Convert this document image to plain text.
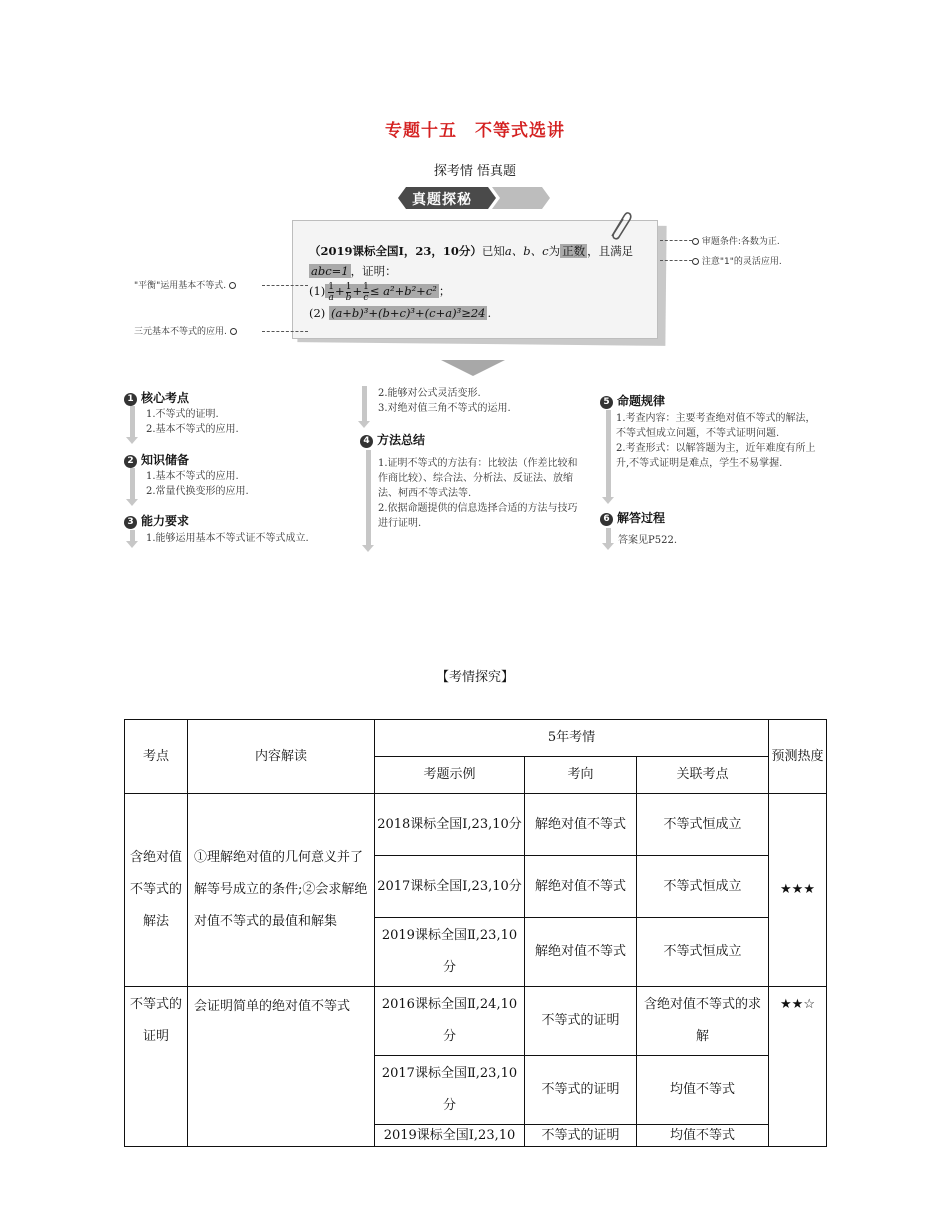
专题十五　不等式选讲
探考情 悟真题
真题探秘
（2019课标全国Ⅰ，23，10分）已知a、b、c为 正数 ，且满足
abc=1 ，证明：
$(1) \frac{1}{a}+ \frac{1}{b}+ \frac{1}{c}\le a^2+b^2+c^2$ ；
(2) (a+b)³+(b+c)³+(c+a)³≥24 .
审题条件:各数为正.
注意"1"的灵活应用.
"平衡"运用基本不等式.
三元基本不等式的应用.
1 核心考点
1.不等式的证明.
2.基本不等式的应用.
2 知识储备
1.基本不等式的应用.
2.常量代换变形的应用.
3 能力要求
1.能够运用基本不等式证不等式成立.
2.能够对公式灵活变形.
3.对绝对值三角不等式的运用.
4 方法总结
1.证明不等式的方法有：比较法（作差比较和作商比较）、综合法、分析法、反证法、放缩法、柯西不等式法等.
2.依据命题提供的信息选择合适的方法与技巧进行证明.
5 命题规律
1.考查内容：主要考查绝对值不等式的解法，不等式恒成立问题，不等式证明问题.
2.考查形式：以解答题为主，近年难度有所上升,不等式证明是难点，学生不易掌握.
6 解答过程
答案见P522.
【考情探究】
考点	内容解读	5年考情			预测热度
		考题示例	考向	关联考点	
含绝对值不等式的解法	①理解绝对值的几何意义并了解等号成立的条件;②会求解绝对值不等式的最值和解集	2018课标全国Ⅰ,23,10分	解绝对值不等式	不等式恒成立	★★★
		2017课标全国Ⅰ,23,10分	解绝对值不等式	不等式恒成立	
		2019课标全国Ⅱ,23,10分	解绝对值不等式	不等式恒成立	
不等式的证明	会证明简单的绝对值不等式	2016课标全国Ⅱ,24,10分	不等式的证明	含绝对值不等式的求解	★★☆
		2017课标全国Ⅱ,23,10分	不等式的证明	均值不等式	
		2019课标全国Ⅰ,23,10	不等式的证明	均值不等式	
